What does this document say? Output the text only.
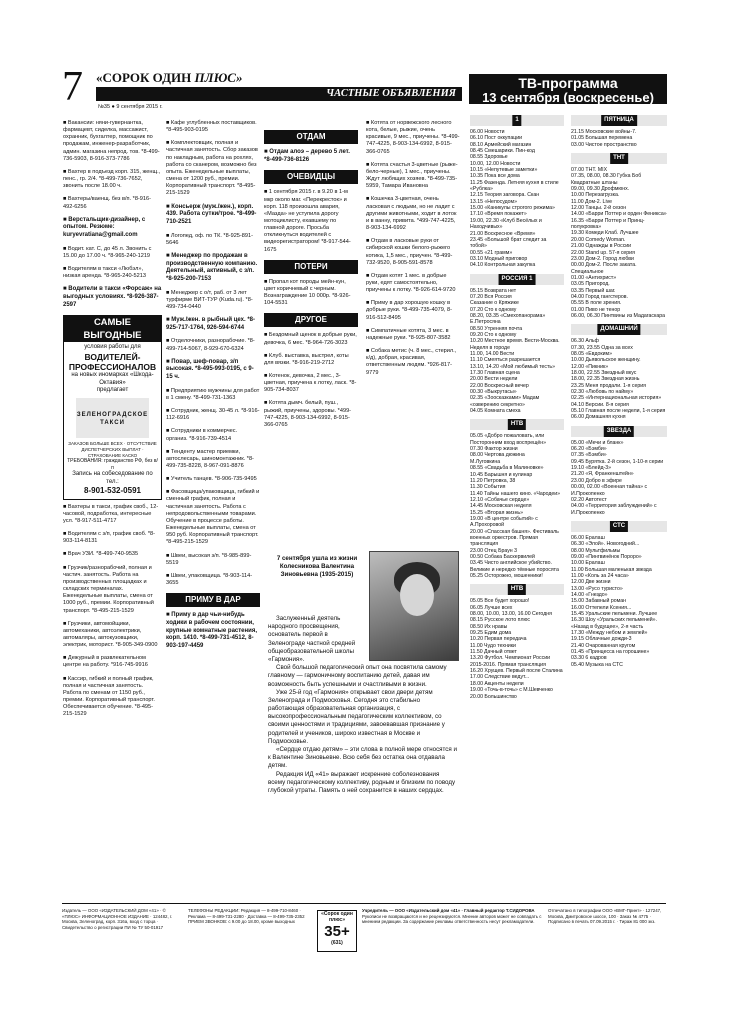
7 «СОРОК ОДИН ПЛЮС»
ЧАСТНЫЕ ОБЪЯВЛЕНИЯ
№35 ● 9 сентября 2015 г.
ТВ-программа
13 сентября (воскресенье)

■ Вакансии: няни-гувернантка, фармацевт, сиделка, массажист, охранник, бухгалтер, помощник по продажам, инженер-разработчик, админ. магазина непрод. тов. *8-499-736-5903, 8-916-373-7786

■ Вахтер в подъезд корп. 315, женщ., пенс., гр. 2/4. *8-499-736-7652, звонить после 18.00 ч.

■ Вахтеры/ваенщ. без в/п. *8-916-492-6256

■ Верстальщик-дизайнер, с опытом. Резюме: kuryevratiana@gmail.com

■ Водит. кат. С, до 45 л. Звонить с 15.00 до 17.00 ч. *8-965-240-1219

■ Водителям в такси «Любэл», низкая аренда. *8-965-240-5213

■ Водители в такси «Форсаж» на выгодных условиях. *8-926-387-2597

САМЫЕ ВЫГОДНЫЕ
условия работы для
ВОДИТЕЛЕЙ-ПРОФЕССИОНАЛОВ
на новых иномарках «Шкода-Октавия»
предлагает
ЗЕЛЕНОГРАДСКОЕ ТАКСИ
ЗАКАЗОВ БОЛЬШЕ ВСЕХ · ОТСУТСТВИЕ ДИСПЕТЧЕРСКИХ ВЫПЛАТ · СТРАХОВАНИЕ КАСКО
ТРЕБОВАНИЯ: гражданство РФ, без в/п
Запись на собеседование по тел.:
8-901-532-0591

■ Вахтеры в такси, график своб., 12-часовой, подработка, интересные усл. *8-917-511-4717

■ Водителям с з/п, график своб. *8-903-114-8131

■ Врач УЗИ. *8-499-740-9535

■ Грузчик/разнорабочий, полная и частич. занятость. Работа на производственных площадках и складских терминалах. Еженедельные выплаты, смена от 1000 руб., премии. Корпоративный транспорт. *8-495-215-1529

■ Грузчики, автомойщики, автомеханики, автоэлектрики, автомаляры, автокузовщики, электрик, моторист. *8-905-349-0900

■ Дежурный в развлекательном центре на работу. *916-745-9916

■ Кассир, гибкий и полный график, полная и частичная занятость. Работа по сменам от 1150 руб., премии. Корпоративный транспорт. Обеспечивается обучение. *8-495-215-1529

■ Кафе углубленных поставщиков. *8-495-903-0195

■ Комплектовщик, полная и частичная занятость. Сбор заказов по накладным, работа на рохлях, работа со сканером, возможно без опыта. Еженедельные выплаты, смена от 1200 руб., премии. Корпоративный транспорт. *8-495-215-1529

■ Консьерж (муж./жен.), корп. 439. Работа сутки/трое. *8-499-710-2521

■ Логопед, оф. по ТК. *8-925-891-5646

■ Менеджер по продажам в производственную компанию. Деятельный, активный, с з/п. *8-925-200-7153

■ Менеджер с о/т, раб. от 3 лет турфирме ВИТ-ТУР (Kuda.ru). *8-499-734-0440

■ Муж./жен. в рыбный цех. *8-925-717-1764, 926-594-6744

■ Отделочники, разнорабочие. *8-499-714-5067, 8-929-670-6324

■ Повар, шеф-повар, з/п высокая. *8-495-993-0195, с 9-15 ч.

■ Предприятию мужчины для работ в 1 смену. *8-499-731-1363

■ Сотрудник, женщ. 30-45 л. *8-916-112-6916

■ Сотрудники в коммерчес. организ. *8-916-739-4514

■ Тенденту мастер приемки, автослесарь, шиномонтажник. *8-499-735-8228, 8-967-091-8876

■ Учитель танцев. *8-906-735-9495

■ Фасовщица/упаковщица, гибкий и сменный график, полная и частичная занятость. Работа с непродовольственными товарами. Обучение в процессе работы. Еженедельные выплаты, смена от 950 руб. Корпоративный транспорт. *8-495-215-1529

■ Швеи, высокая з/п. *8-985-899-5519

■ Швеи, упаковщица. *8-903-114-3655

ПРИМУ В ДАР

■ Приму в дар чьи-нибудь ходики в рабочем состоянии, крупные комнатные растения, корп. 1410. *8-499-731-4512, 8-903-197-4459

ОТДАМ

■ Отдам алоэ – дерево 5 лет. *8-499-736-8126

ОЧЕВИДЦЫ

■ 1 сентября 2015 г. в 9.20 в 1-м мкр около маг. «Перекресток» и корп. 118 произошла авария, «Мазда» не уступила дорогу мотоциклисту, ехавшему по главной дороге. Просьба откликнуться водителей с видеорегистратором! *8-917-544-1675

ПОТЕРИ

■ Пропал кот породы мейн-кун, цвет коричневый с черным. Вознаграждение 10 000р. *8-926-104-5531

ДРУГОЕ

■ Бездомный щенок в добрые руки, девочка, 6 мес. *8-964-726-3023

■ Клуб. выставка, выстрел, коты для вязки. *8-916-219-2712

■ Котенок, девочка, 2 мес., 3-цветная, приучена к лотку, ласк. *8-905-734-8037

■ Котята дымч. белый, пуш., рыжий, приучены, здоровы. *499-747-4225, 8-903-134-6992, 8-915-366-0765

■ Котята от норвежского лесного кота, белые, рыжие, очень красивые, 9 мес., приучены. *8-499-747-4225, 8-903-134-6992, 8-915-366-0765

■ Котята счастья 3-цветные (рыже-бело-черные), 1 мес., приучены. Ждут любящих хозяев. *8-499-735-5959, Тамара Ивановна

■ Кошечка 3-цветная, очень ласковая с людьми, но не ладит с другими животными, ходит в лоток и в ванну, привита. *499-747-4225, 8-903-134-6992

■ Отдам в ласковые руки от сибирской кошки белого-рыжего котика, 1,5 мес., приучен. *8-499-732-9520, 8-905-591-8578

■ Отдам котят 1 мес. в добрые руки, едят самостоятельно, приучены к лотку. *8-926-614-9720

■ Приму в дар хорошую кошку в добрые руки. *8-499-735-4079, 8-916-512-8495

■ Симпатичные котята, 3 мес. в надежные руки. *8-925-807-3582

■ Собака метис (ч. 8 мес., стерил., к/д), добрая, красивая, ответственным людям. *926-817-9779

7 сентября ушла из жизни Колесникова Валентина Зиновьевна (1935-2015)

Заслуженный деятель народного просвещения, основатель первой в Зеленограде частной средней общеобразовательной школы «Гармония».

Свой большой педагогический опыт она посвятила самому главному — гармоничному воспитанию детей, давая им возможность быть успешными и счастливыми в жизни.

Уже 25-й год «Гармония» открывает свои двери детям Зеленограда и Подмосковья. Сегодня это стабильно работающая образовательная организация, с высокопрофессиональным педагогическим коллективом, со своими ценностями и традициями, завоевавшая признание у родителей и учеников, широко известная в Москве и Подмосковье.

«Сердце отдаю детям» – эти слова в полной мере относятся и к Валентине Зиновьевне. Всю себя без остатка она отдавала детям.

Редакция ИД «41» выражает искренние соболезнования всему педагогическому коллективу, родным и близким по поводу глубокой утраты. Память о ней сохранится в наших сердцах.

1

06.00 Новости

06.10 Пост оккупации

08.10 Армейский магазин

08.45 Смешарики. Пин-код

08.55 Здоровье

10.00, 12.00 Новости

10.15 «Непутевые заметки»

10.35 Пока все дома

11.25 Фазенда. Летняя кухня в стиле «Рублка»

12.15 Теория заговора. Скан

13.15 «Непосудом»

15.00 «Каникулы строгого режима»

17.10 «Время покажет»

19.00, 22.30 «Клуб Весёлых и Находчивых»

21.00 Воскресное «Время»

23.45 «Большой брат следит за тобой»

00.55 «21 грамм»

03.10 Модный приговор

04.10 Контрольная закупка

РОССИЯ 1

05.15 Возврата нет

07.20 Вся Россия

Сказание о Кряжике

07.20 Сто к одному

08.20, 03.35 «Смехопанорама» Е.Петросяна

08.50 Утренняя почта

09.20 Сто к одному

10.20 Местное время. Вести-Москва. Неделя в городе

11.00, 14.00 Вести

11.10 Смеяться разрешается

13.10, 14.20 «Мой любимый тесть»

17.30 Главная сцена

20.00 Вести недели

22.00 Воскресный вечер

00.30 «Выкрутасы»

02.35 «Зоосказками» Мадам «озверению секретно»

04.05 Комната смеха

НТВ

05.05 «Добро пожаловать, или Посторонним вход воспрещён»

07.30 Фактор жизни

08.00 Чертова дюжина

М.Луговкина

08.55 «Свадьба в Малиновке»

10.45 Барышня и кулинар

11.20 Петровка, 38

11.30 События

11.40 Тайны нашего кино. «Чародеи»

12.10 «Собачье сердце»

14.45 Московская неделя

15.25 «Вторая жизнь»

19.00 «В центре событий» с А.Прохоровой

20.00 «Спасская башня». Фестиваль военных оркестров. Прямая трансляция

23.00 Отец Браун 3

00.50 Собака Баскервилей

03.45 Чисто английское убийство. Великие и нередко тёмные поросята

05.25 Осторожно, мошенники!

НТВ

05.05 Все будет хорошо!

06.05 Лучше всех

08.00, 10.00, 13.00, 16.00 Сегодня

08.15 Русское лото плюс

08.50 Их нравы

09.25 Едим дома

10.20 Первая передача

11.00 Чудо техники

11.50 Дачный ответ

13.20 Футбол. Чемпионат России 2015-2016. Прямая трансляция

16.20 Хрущев. Первый после Сталина

17.00 Следствие ведут...

18.00 Акценты недели

19.00 «Точь-в-точь» с М.Шевченко

20.00 Большинство

ПЯТНИЦА

21.15 Московские войны-7.

01.05 Большая перемена

03.00 Чистое пространство

ТНТ

07.00 ТНТ. MIX

07.35, 08.00, 08.30 Губка Боб Квадратные штаны

09.00, 09.30 Дрофмюнх.

10.00 Перезагрузка.

11.00 Дом-2. Live

12.00 Танцы. 2-й сезон

14.00 «Барри Поттер и орден Феникса»

16.35 «Барри Поттер и Принц-полукровка»

19.30 Комеди Клаб. Лучшее

20.00 Comedy Woman.

21.00 Однажды в России

22.00 Stand up. 57-я серия

23.00 Дом-2. Город любви

00.00 Дом-2. После заката. Специальное

01.00 «Антихрист»

03.05 Пригород.

03.35 Первый шаг.

04.00 Город гангстеров.

05.55 В поле зрения.

01.00 Пиво не тенор

06.00, 06.30 Пинтвины из Мадагаскара

ДОМАШНИЙ

06.30 Альф

07.30, 23.55 Одна за всех

08.05 «Евдоким»

10.00 Дьявольское женщину.

12.00 «Пикник»

18.00, 22.55 Звездный вкус

18.00, 22.35 Звездная жизнь

23.25 Меня продали. 1-я серия

02.30 «Любовь по найму»

02.25 «Интернациональная история»

04.10 Версии. 8-я серия

05.10 Главная после недели, 1-я серия

06.00 Домашняя кухня

ЗВЕЗДА

05.00 «Мечи и бланк»

06.20 «Бэмби»

07.35 «Бэмби»

09.45 Бурятка. 2-й сезон, 1-10-я серии

19.10 «Блейд-3»

21.20 «Я, Франкенштейн»

23.00 Добро в эфире

00.00, 02.00 «Военная тайна» с И.Прокопенко

02.20 Автотест

04.00 «Территория заблуждений» с И.Прокопенко

СТС

06.00 Ералаш

06.30 «Элой». Новогодний...

08.00 Мультфильмы

09.00 «Пингвинёнок Пороро»

10.00 Ералаш

11.00 Большая маленькая звезда

11.00 «Коль за 24 часа»

12.00 Две жизни

13.00 «Русо туристо»

14.00 «Гнездо»

15.00 Забавный роман

16.00 Оттепели Ксения...

15.45 Уральские пельмени. Лучшее

16.30 Шоу «Уральских пельменей». «Назад в будущее», 2-я часть

17.30 «Между небом и землей»

19.15 Облачные дожди-3

21.40 Очарованная кругом

01.45 «Принцесса на горошине»

03.30 6 кадров

05.40 Музыка на СТС

Издатель — ООО «ИЗДАТЕЛЬСКИЙ ДОМ «41» · © «ПЛЮС» ИНФОРМАЦИОННОЕ ИЗДАНИЕ · 124482, г. Москва, Зеленоград, корп. 316а, вход с торца · Свидетельство о регистрации ПИ № ТУ 50-01917
ТЕЛЕФОНЫ РЕДАКЦИИ: Редакция — 8-499-710-8460 · Реклама — 8-499-731-2280 · Доставка — 8-499-735-2352
ПРИЕМ ЗВОНКОВ: с 9.00 до 18.00, кроме выходных
«Сорок один плюс»
35+
(631)
Учредитель — ООО «Издательский дом «41» · Главный редактор Т.СИДОРОВА
Рукописи не возвращаются и не рецензируются. Мнение авторов может не совпадать с мнением редакции. За содержание рекламы ответственность несут рекламодатели.
Отпечатано в типографии ООО «ВМГ-Принт» · 127247, Москва, Дмитровское шоссе, 100 · Заказ № 4775 · Подписано в печать 07.09.2015 г. · Тираж 81 000 экз.
